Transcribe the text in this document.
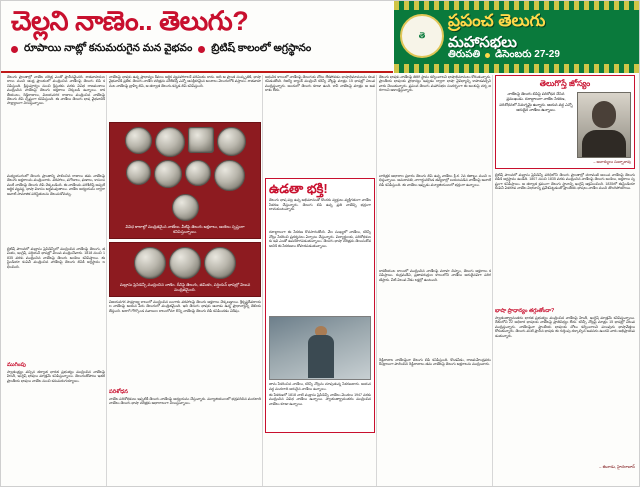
చెల్లని నాణెం.. తెలుగు?
రూపాయి నాట్లో కనుమరుగైన మన వైభవం బ్రిటిష్ కాలంలో అగ్రస్థానం
తె
ప్రపంచ తెలుగు
మహాసభలు
తిరుపతి డిసెంబరు 27-29
తెలుగు ప్రాంతాల్లో నాణేల చరిత్ర ఎంతో ప్రాచీనమైనది. శాతవాహనుల కాలం నుంచి ఆంధ్ర ప్రాంతంలో ముద్రించిన నాణేలపై తెలుగు లిపి కనిపిస్తుంది. క్రీస్తుపూర్వం నుంచి క్రీస్తుశకం వరకు వివిధ రాజవంశాలు ముద్రించిన నాణేలపై తెలుగు అక్షరాలు చెక్కబడి ఉన్నాయి. కాకతీయులు, రెడ్డిరాజులు, విజయనగర రాజులు ముద్రించిన నాణేలపై తెలుగు లిపి స్పష్టంగా కనిపిస్తుంది. ఈ నాణేలు తెలుగు భాష వైభవానికి సాక్ష్యాలుగా నిలుస్తున్నాయి.
మధ్యయుగంలో తెలుగు ప్రాంతాన్ని పాలించిన రాజులు తమ నాణేలపై తెలుగు అక్షరాలను ముద్రించారు. వరహాలు, పగోడాలు, ఫణాలు, కాసులు వంటి నాణేలపై తెలుగు లిపి చెక్కబడింది. ఈ నాణేలను పరిశీలిస్తే అప్పటి ఆర్థిక వ్యవస్థ, భాషా వికాసం అర్థమవుతాయి. నాణేల అధ్యయనం ద్వారా ఆనాటి సామాజిక పరిస్థితులను తెలుసుకోవచ్చు.
బ్రిటిష్ పాలనలో మద్రాసు ప్రెసిడెన్సీలో ముద్రించిన నాణేలపై తెలుగు, తమిళం, ఇంగ్లిష్, పర్షియన్ భాషల్లో విలువ ముద్రించేవారు. 1818 నుంచి 1835 వరకు ముద్రించిన నాణేలపై తెలుగు అంకెలు కనిపిస్తాయి. ఈస్టిండియా కంపెనీ ముద్రించిన నాణేలపై తెలుగు లిపికి అగ్రస్థానం లభించింది.
ముగింపు
స్వాతంత్ర్యం వచ్చిన తర్వాత భారత ప్రభుత్వం ముద్రించిన నాణేలపై హిందీ, ఇంగ్లిష్ భాషలు మాత్రమే కనిపిస్తున్నాయి. తెలుగుతోపాటు ఇతర ప్రాంతీయ భాషలు నాణేల నుంచి కనుమరుగయ్యాయి.
నాణేలపై భాషకు ఉన్న ప్రాధాన్యం కేవలం ఆర్థిక వ్యవహారాలకే పరిమితం కాదు. అది ఆ ప్రాంత సంస్కృతికి, భాషా వైభవానికి ప్రతీక. తెలుగు నాణేల చరిత్రను పరిశీలిస్తే ఎన్నో ఆసక్తికరమైన అంశాలు వెలుగులోకి వస్తాయి. శాతవాహనుల నాణేలపై బ్రాహ్మీ లిపి, ఆ తర్వాత తెలుగు-కన్నడ లిపి కనిపిస్తుంది.
వివిధ కాలాల్లో ముద్రితమైన నాణేలు. వీటిపై తెలుగు అక్షరాలు, అంకెలు స్పష్టంగా కనిపిస్తున్నాయి.
మద్రాసు ప్రెసిడెన్సీ ముద్రించిన నాణెం. దీనిపై తెలుగు, తమిళం, పర్షియన్ భాషల్లో విలువ ముద్రితమైంది.
విజయనగర సామ్రాజ్య కాలంలో ముద్రించిన బంగారు వరహాలపై తెలుగు అక్షరాలు చెక్కబడ్డాయి. శ్రీకృష్ణదేవరాయల నాణేలపై ఆయన పేరు తెలుగులో ముద్రితమైంది. ఇది తెలుగు భాషకు ఆనాడు ఉన్న ప్రాధాన్యాన్ని తెలియజేస్తుంది. అలాగే గోల్కొండ నవాబుల కాలంలోనూ కొన్ని నాణేలపై తెలుగు లిపి కనిపించడం విశేషం.
పరిశోధన
నాణేల పరిశోధకులు ఇప్పటికీ తెలుగు నాణేలపై అధ్యయనం చేస్తున్నారు. మ్యూజియంలలో భద్రపరిచిన వందలాది నాణేలు తెలుగు భాషా చరిత్రకు ఆధారాలుగా నిలుస్తున్నాయి.
ఆధునిక కాలంలో నాణేలపై తెలుగుకు చోటు లేకపోవడం భాషాభిమానులను కలవరపెడుతోంది. రిజర్వ్ బ్యాంక్ ముద్రించే కరెన్సీ నోట్లపై మాత్రం 15 భాషల్లో విలువ ముద్రిస్తున్నారు. అందులో తెలుగు కూడా ఉంది. కానీ నాణేలపై మాత్రం ఆ అవకాశం లేదు.
ఉడతా భక్తి!
తెలుగు భాష పట్ల ఉన్న అభిమానంతో కొందరు వ్యక్తులు వ్యక్తిగతంగా నాణేల సేకరణ చేస్తున్నారు. తెలుగు లిపి ఉన్న ప్రతి నాణేన్ని భద్రంగా దాచుకుంటున్నారు.
దశాబ్దాలుగా ఈ సేకరణ కొనసాగుతోంది. వేల సంఖ్యలో నాణేలు, కరెన్సీ నోట్లు సేకరించి ప్రదర్శనలు ఏర్పాటు చేస్తున్నారు. విద్యార్థులకు, పరిశోధకులకు ఇవి ఎంతో ఉపయోగపడుతున్నాయి. తెలుగు భాషా చరిత్రను తెలుసుకోవడానికి ఈ సేకరణలు దోహదపడుతున్నాయి.
తాను సేకరించిన నాణేలు, కరెన్సీ నోట్లను చూపుతున్న సేకరణదారు. ఆయన వద్ద వందలాది అరుదైన నాణేలు ఉన్నాయి.
ఈ సేకరణలో 1818 నాటి మద్రాసు ప్రెసిడెన్సీ నాణేలు మొదలు 1947 వరకు ముద్రించిన వివిధ నాణేలు ఉన్నాయి. స్వాతంత్య్రానంతరం ముద్రించిన నాణేలు కూడా ఉన్నాయి.
తెలుగు భాషకు నాణేలపై తిరిగి స్థానం కల్పించాలని భాషాభిమానులు కోరుతున్నారు. ప్రాంతీయ భాషలకు ప్రాధాన్యం ఇవ్వడం ద్వారా భాషా వైవిధ్యాన్ని కాపాడవచ్చని వారు చెబుతున్నారు. ప్రపంచ తెలుగు మహాసభల సందర్భంగా ఈ అంశంపై చర్చ జరగాలని ఆకాంక్షిస్తున్నారు.
చారిత్రక ఆధారాల ప్రకారం తెలుగు లిపి ఉన్న నాణేలు క్రీ.శ. 2వ శతాబ్దం నుంచి లభిస్తున్నాయి. అమరావతి, నాగార్జునకొండ తవ్వకాల్లో బయటపడిన నాణేలపై ఆనాటి లిపి కనిపిస్తుంది. ఈ నాణేలు ఇప్పుడు మ్యూజియంలలో భద్రంగా ఉన్నాయి.
కాకతీయుల కాలంలో ముద్రించిన నాణేలపై వరాహ చిహ్నం, తెలుగు అక్షరాలు కనిపిస్తాయి. రుద్రమదేవి, ప్రతాపరుద్రుల కాలంలోని నాణేలు అరుదైనవిగా పరిగణిస్తారు. వీటి విలువ నేడు లక్షల్లో ఉంటుంది.
రెడ్డిరాజుల నాణేలపైనా తెలుగు లిపి కనిపిస్తుంది. కొండవీడు, రాజమహేంద్రవరం కేంద్రాలుగా పాలించిన రెడ్డిరాజులు తమ నాణేలపై తెలుగు అక్షరాలను ముద్రించారు.
తెలుగొస్తే జోస్యం
నాణేలపై తెలుగు లిపిపై పరిశోధన చేసిన ప్రముఖుడు. దశాబ్దాలుగా నాణేల సేకరణ, పరిశోధనలో నిమగ్నమై ఉన్నారు. ఆయన వద్ద ఎన్నో అరుదైన నాణేలు ఉన్నాయి.
– ఆచార్యులు సుబ్బారావు
బ్రిటిష్ పాలనలో మద్రాసు ప్రెసిడెన్సీ పరిధిలోని తెలుగు ప్రాంతాల్లో చలామణి అయిన నాణేలపై తెలుగు లిపికి అగ్రస్థానం ఉండేది. 1807 నుంచి 1835 వరకు ముద్రించిన నాణేలపై తెలుగు అంకెలు, అక్షరాలు స్పష్టంగా కనిపిస్తాయి. ఆ తర్వాత క్రమంగా తెలుగు స్థానాన్ని ఇంగ్లిష్ ఆక్రమించింది. 1835లో ఈస్టిండియా కంపెనీ ఏకరూప నాణేల విధానాన్ని ప్రవేశపెట్టడంతో ప్రాంతీయ భాషలు నాణేల నుంచి తొలగిపోయాయి.
భాషా ప్రాధాన్యం తగ్గుతోందా?
స్వాతంత్య్రానంతరం భారత ప్రభుత్వం ముద్రించిన నాణేలపై హిందీ, ఇంగ్లిష్ మాత్రమే కనిపిస్తున్నాయి. దేశంలోని 22 అధికార భాషలకు నాణేలపై ప్రాతినిధ్యం లేదు. కరెన్సీ నోట్లపై మాత్రం 15 భాషల్లో విలువ ముద్రిస్తున్నారు. నాణేలపైనా ప్రాంతీయ భాషలకు చోటు కల్పించాలని పలువురు భాషావేత్తలు కోరుతున్నారు. తెలుగు వంటి ప్రాచీన భాషకు ఈ గుర్తింపు దక్కాల్సిన అవసరం ఉందని వారు అభిప్రాయపడుతున్నారు.
– ఈనాడు, హైదరాబాద్
